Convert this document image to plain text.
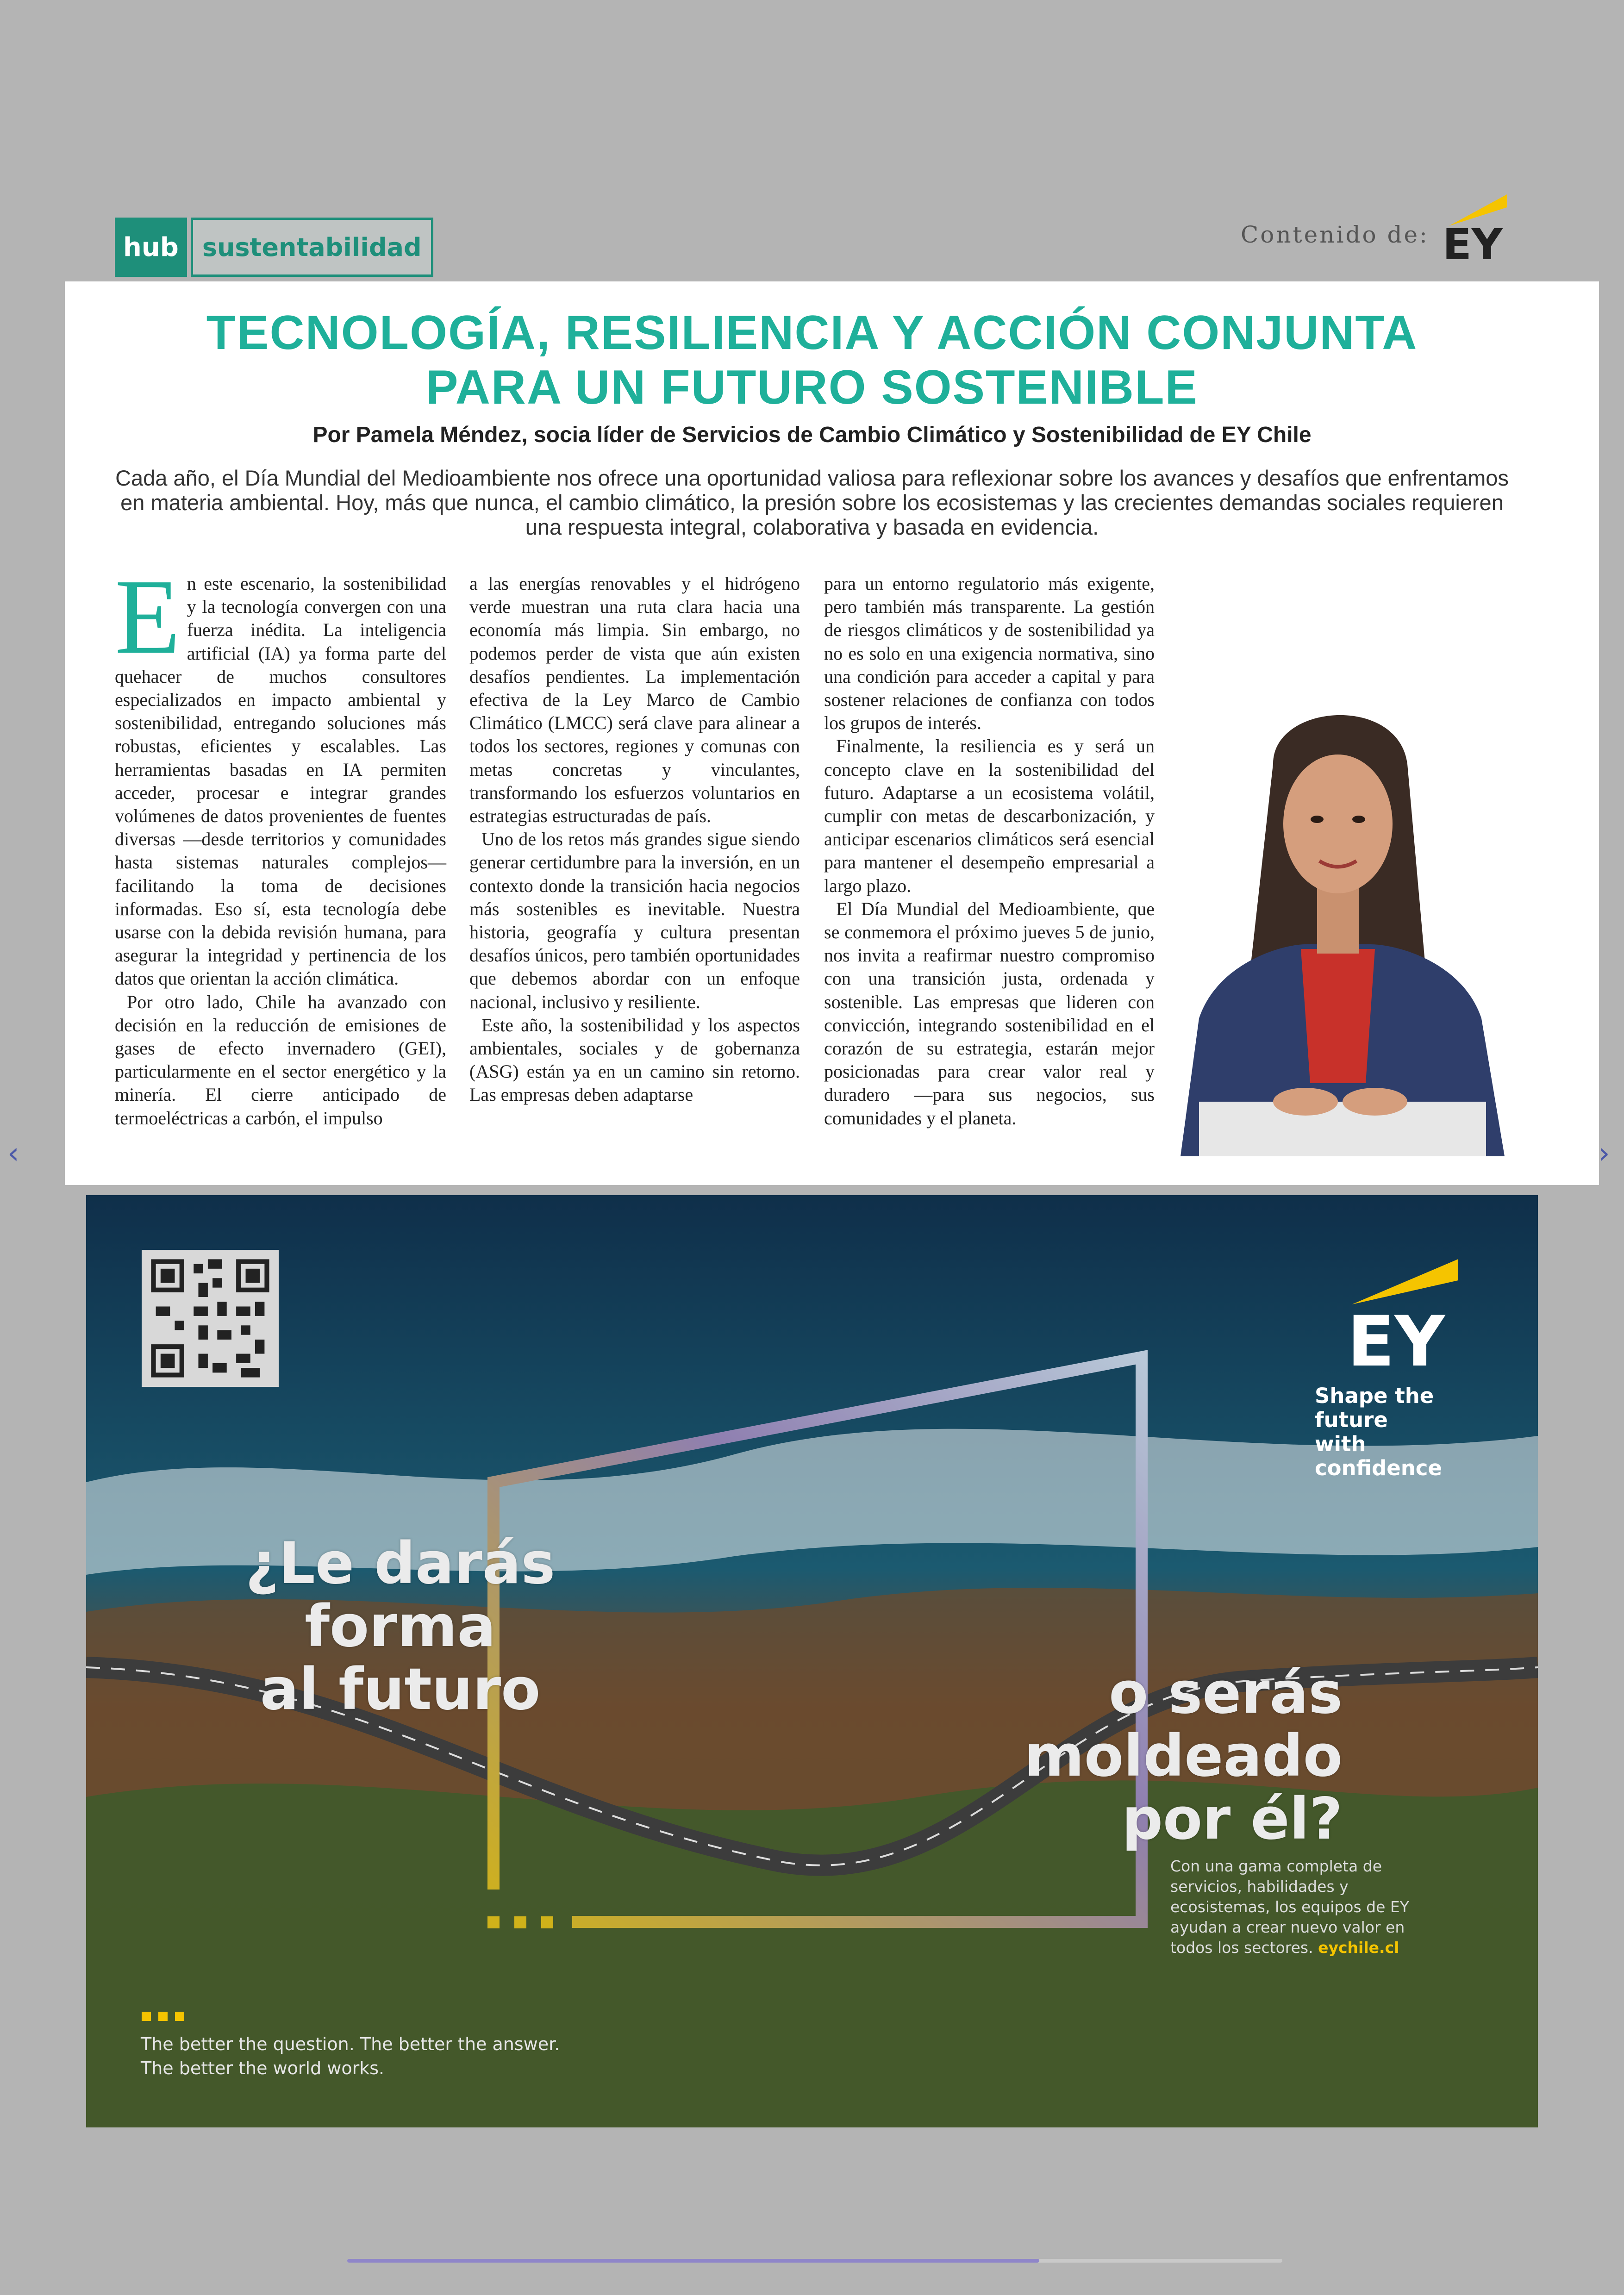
hub sustentabilidad	Contenido de: EY
TECNOLOGÍA, RESILIENCIA Y ACCIÓN CONJUNTA
PARA UN FUTURO SOSTENIBLE
Por Pamela Méndez, socia líder de Servicios de Cambio Climático y Sostenibilidad de EY Chile
Cada año, el Día Mundial del Medioambiente nos ofrece una oportunidad valiosa para reflexionar sobre los avances y desafíos que enfrentamos en materia ambiental. Hoy, más que nunca, el cambio climático, la presión sobre los ecosistemas y las crecientes demandas sociales requieren una respuesta integral, colaborativa y basada en evidencia.

En este escenario, la sostenibilidad y la tecnología convergen con una fuerza inédita. La inteligencia artificial (IA) ya forma parte del quehacer de muchos consultores especializados en impacto ambiental y sostenibilidad, entregando soluciones más robustas, eficientes y escalables. Las herramientas basadas en IA permiten acceder, procesar e integrar grandes volúmenes de datos provenientes de fuentes diversas —desde territorios y comunidades hasta sistemas naturales complejos— facilitando la toma de decisiones informadas. Eso sí, esta tecnología debe usarse con la debida revisión humana, para asegurar la integridad y pertinencia de los datos que orientan la acción climática.

Por otro lado, Chile ha avanzado con decisión en la reducción de emisiones de gases de efecto invernadero (GEI), particularmente en el sector energético y la minería. El cierre anticipado de termoeléctricas a carbón, el impulso

a las energías renovables y el hidrógeno verde muestran una ruta clara hacia una economía más limpia. Sin embargo, no podemos perder de vista que aún existen desafíos pendientes. La implementación efectiva de la Ley Marco de Cambio Climático (LMCC) será clave para alinear a todos los sectores, regiones y comunas con metas concretas y vinculantes, transformando los esfuerzos voluntarios en estrategias estructuradas de país.

Uno de los retos más grandes sigue siendo generar certidumbre para la inversión, en un contexto donde la transición hacia negocios más sostenibles es inevitable. Nuestra historia, geografía y cultura presentan desafíos únicos, pero también oportunidades que debemos abordar con un enfoque nacional, inclusivo y resiliente.

Este año, la sostenibilidad y los aspectos ambientales, sociales y de gobernanza (ASG) están ya en un camino sin retorno. Las empresas deben adaptarse

para un entorno regulatorio más exigente, pero también más transparente. La gestión de riesgos climáticos y de sostenibilidad ya no es solo en una exigencia normativa, sino una condición para acceder a capital y para sostener relaciones de confianza con todos los grupos de interés.

Finalmente, la resiliencia es y será un concepto clave en la sostenibilidad del futuro. Adaptarse a un ecosistema volátil, cumplir con metas de descarbonización, y anticipar escenarios climáticos será esencial para mantener el desempeño empresarial a largo plazo.

El Día Mundial del Medioambiente, que se conmemora el próximo jueves 5 de junio, nos invita a reafirmar nuestro compromiso con una transición justa, ordenada y sostenible. Las empresas que lideren con convicción, integrando sostenibilidad en el corazón de su estrategia, estarán mejor posicionadas para crear valor real y duradero —para sus negocios, sus comunidades y el planeta.

EY
Shape the future
with confidence
¿Le darás
forma
al futuro	o serás
moldeado
por él?
Con una gama completa de servicios, habilidades y ecosistemas, los equipos de EY ayudan a crear nuevo valor en todos los sectores. eychile.cl
The better the question. The better the answer.
The better the world works.
‹	›
